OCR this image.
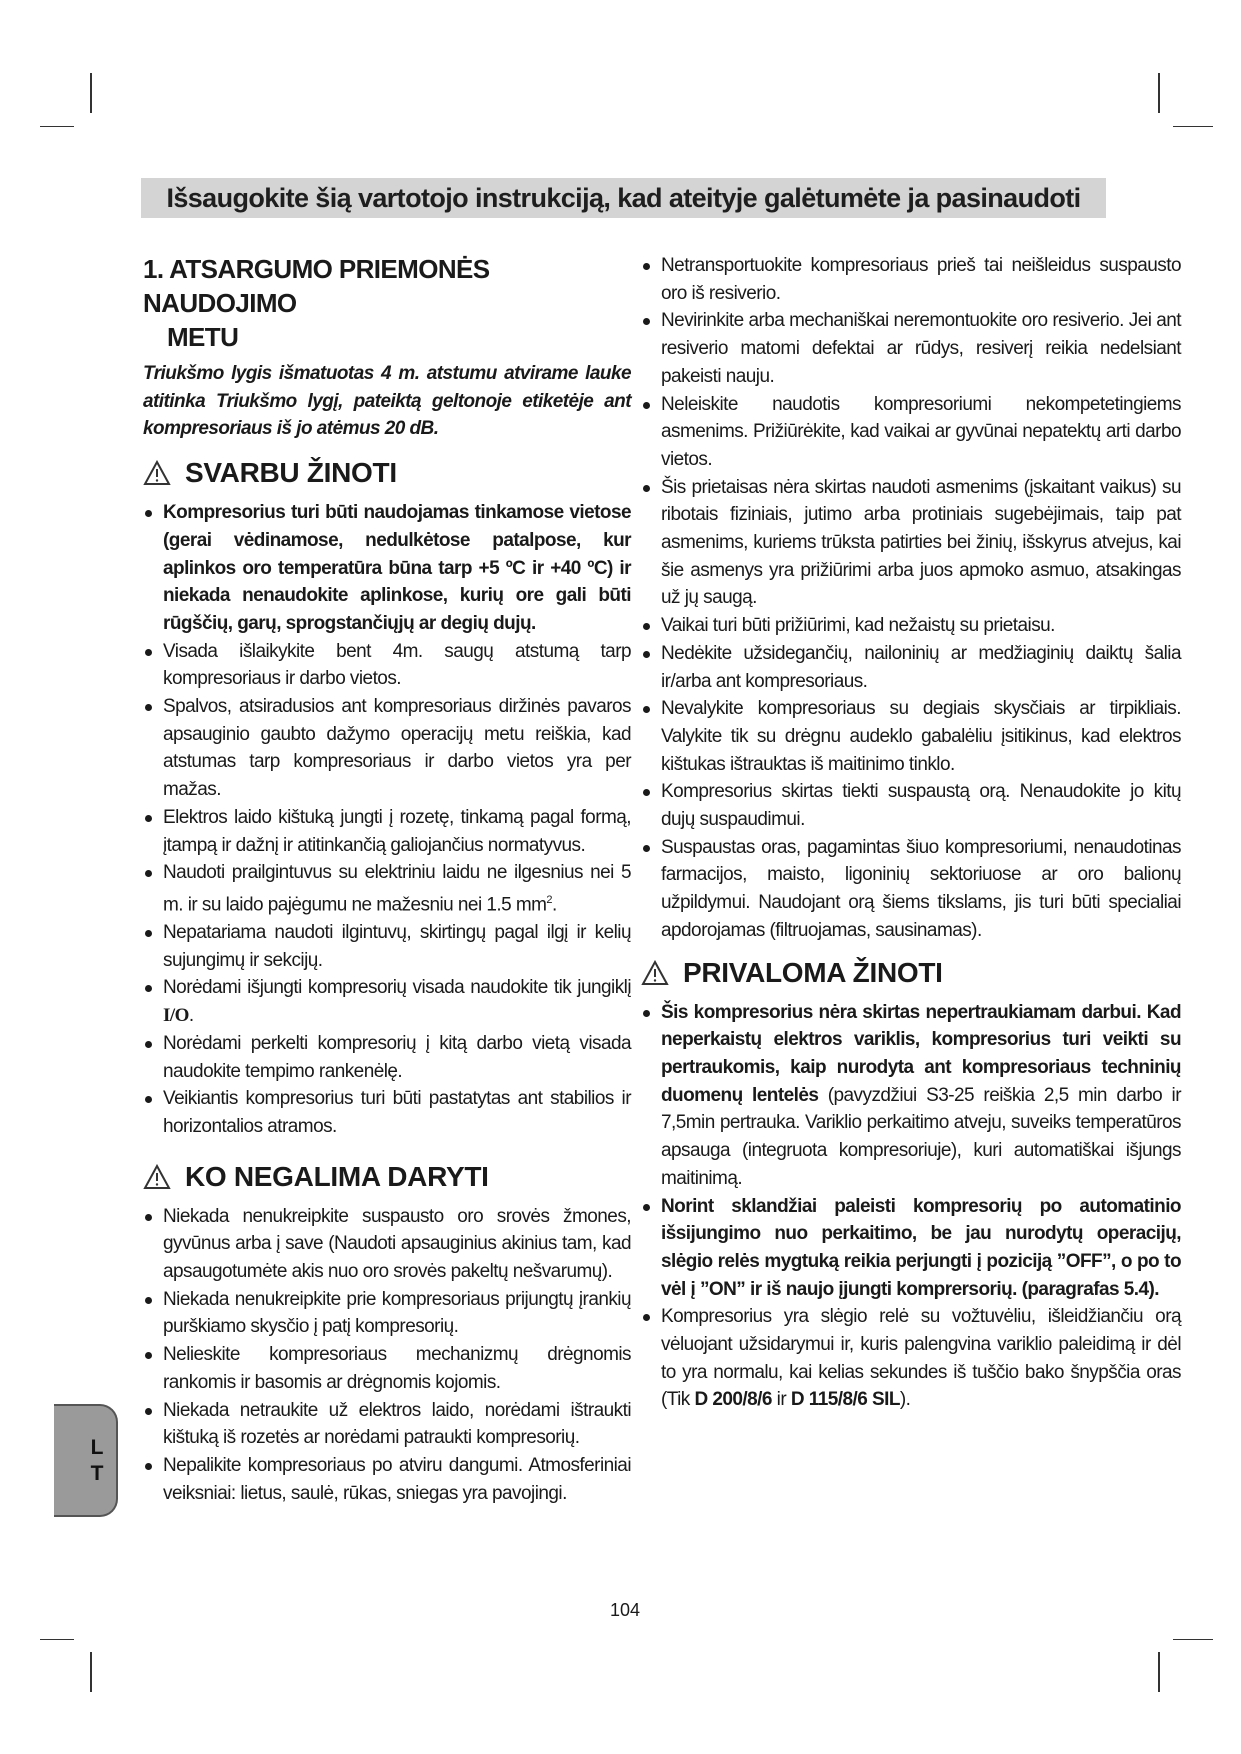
Išsaugokite šią vartotojo instrukciją, kad ateityje galėtumėte ja pasinaudoti
1. ATSARGUMO PRIEMONĖS NAUDOJIMO
METU
Triukšmo lygis išmatuotas 4 m. atstumu atvirame lauke atitinka Triukšmo lygį, pateiktą geltonoje etiketėje ant kompresoriaus iš jo atėmus 20 dB.
SVARBU ŽINOTI
Kompresorius turi būti naudojamas tinkamose vietose (gerai vėdinamose, nedulkėtose patalpose, kur aplinkos oro temperatūra būna tarp +5 ºC ir +40 ºC) ir niekada nenaudokite aplinkose, kurių ore gali būti rūgščių, garų, sprogstančiųjų ar degių dujų.
Visada išlaikykite bent 4m. saugų atstumą tarp kompresoriaus ir darbo vietos.
Spalvos, atsiradusios ant kompresoriaus diržinės pavaros apsauginio gaubto dažymo operacijų metu reiškia, kad atstumas tarp kompresoriaus ir darbo vietos yra per mažas.
Elektros laido kištuką jungti į rozetę, tinkamą pagal formą, įtampą ir dažnį ir atitinkančią galiojančius normatyvus.
Naudoti prailgintuvus su elektriniu laidu ne ilgesnius nei 5 m. ir su laido pajėgumu ne mažesniu nei 1.5 $mm^2$.
Nepatariama naudoti ilgintuvų, skirtingų pagal ilgį ir kelių sujungimų ir sekcijų.
Norėdami išjungti kompresorių visada naudokite tik jungiklį I/O.
Norėdami perkelti kompresorių į kitą darbo vietą visada naudokite tempimo rankenėlę.
Veikiantis kompresorius turi būti pastatytas ant stabilios ir horizontalios atramos.
KO NEGALIMA DARYTI
Niekada nenukreipkite suspausto oro srovės žmones, gyvūnus arba į save (Naudoti apsauginius akinius tam, kad apsaugotumėte akis nuo oro srovės pakeltų nešvarumų).
Niekada nenukreipkite prie kompresoriaus prijungtų įrankių purškiamo skysčio į patį kompresorių.
Nelieskite kompresoriaus mechanizmų drėgnomis rankomis ir basomis ar drėgnomis kojomis.
Niekada netraukite už elektros laido, norėdami ištraukti kištuką iš rozetės ar norėdami patraukti kompresorių.
Nepalikite kompresoriaus po atviru dangumi. Atmosferiniai veiksniai: lietus, saulė, rūkas, sniegas yra pavojingi.
Netransportuokite kompresoriaus prieš tai neišleidus suspausto oro iš resiverio.
Nevirinkite arba mechaniškai neremontuokite oro resiverio. Jei ant resiverio matomi defektai ar rūdys, resiverį reikia nedelsiant pakeisti nauju.
Neleiskite naudotis kompresoriumi nekompetetingiems asmenims. Prižiūrėkite, kad vaikai ar gyvūnai nepatektų arti darbo vietos.
Šis prietaisas nėra skirtas naudoti asmenims (įskaitant vaikus) su ribotais fiziniais, jutimo arba protiniais sugebėjimais, taip pat asmenims, kuriems trūksta patirties bei žinių, išskyrus atvejus, kai šie asmenys yra prižiūrimi arba juos apmoko asmuo, atsakingas už jų saugą.
Vaikai turi būti prižiūrimi, kad nežaistų su prietaisu.
Nedėkite užsidegančių, nailoninių ar medžiaginių daiktų šalia ir/arba ant kompresoriaus.
Nevalykite kompresoriaus su degiais skysčiais ar tirpikliais. Valykite tik su drėgnu audeklo gabalėliu įsitikinus, kad elektros kištukas ištrauktas iš maitinimo tinklo.
Kompresorius skirtas tiekti suspaustą orą. Nenaudokite jo kitų dujų suspaudimui.
Suspaustas oras, pagamintas šiuo kompresoriumi, nenaudotinas farmacijos, maisto, ligoninių sektoriuose ar oro balionų užpildymui. Naudojant orą šiems tikslams, jis turi būti specialiai apdorojamas (filtruojamas, sausinamas).
PRIVALOMA ŽINOTI
Šis kompresorius nėra skirtas nepertraukiamam darbui. Kad neperkaistų elektros variklis, kompresorius turi veikti su pertraukomis, kaip nurodyta ant kompresoriaus techninių duomenų lentelės (pavyzdžiui S3-25 reiškia 2,5 min darbo ir 7,5min pertrauka. Variklio perkaitimo atveju, suveiks temperatūros apsauga (integruota kompresoriuje), kuri automatiškai išjungs maitinimą.
Norint sklandžiai paleisti kompresorių po automatinio išsijungimo nuo perkaitimo, be jau nurodytų operacijų, slėgio relės mygtuką reikia perjungti į poziciją ”OFF”, o po to vėl į ”ON” ir iš naujo įjungti komprersorių. (paragrafas 5.4).
Kompresorius yra slėgio relė su vožtuvėliu, išleidžiančiu orą vėluojant užsidarymui ir, kuris palengvina variklio paleidimą ir dėl to yra normalu, kai kelias sekundes iš tuščio bako šnypščia oras (Tik D 200/8/6 ir D 115/8/6 SIL).
L
T
104
